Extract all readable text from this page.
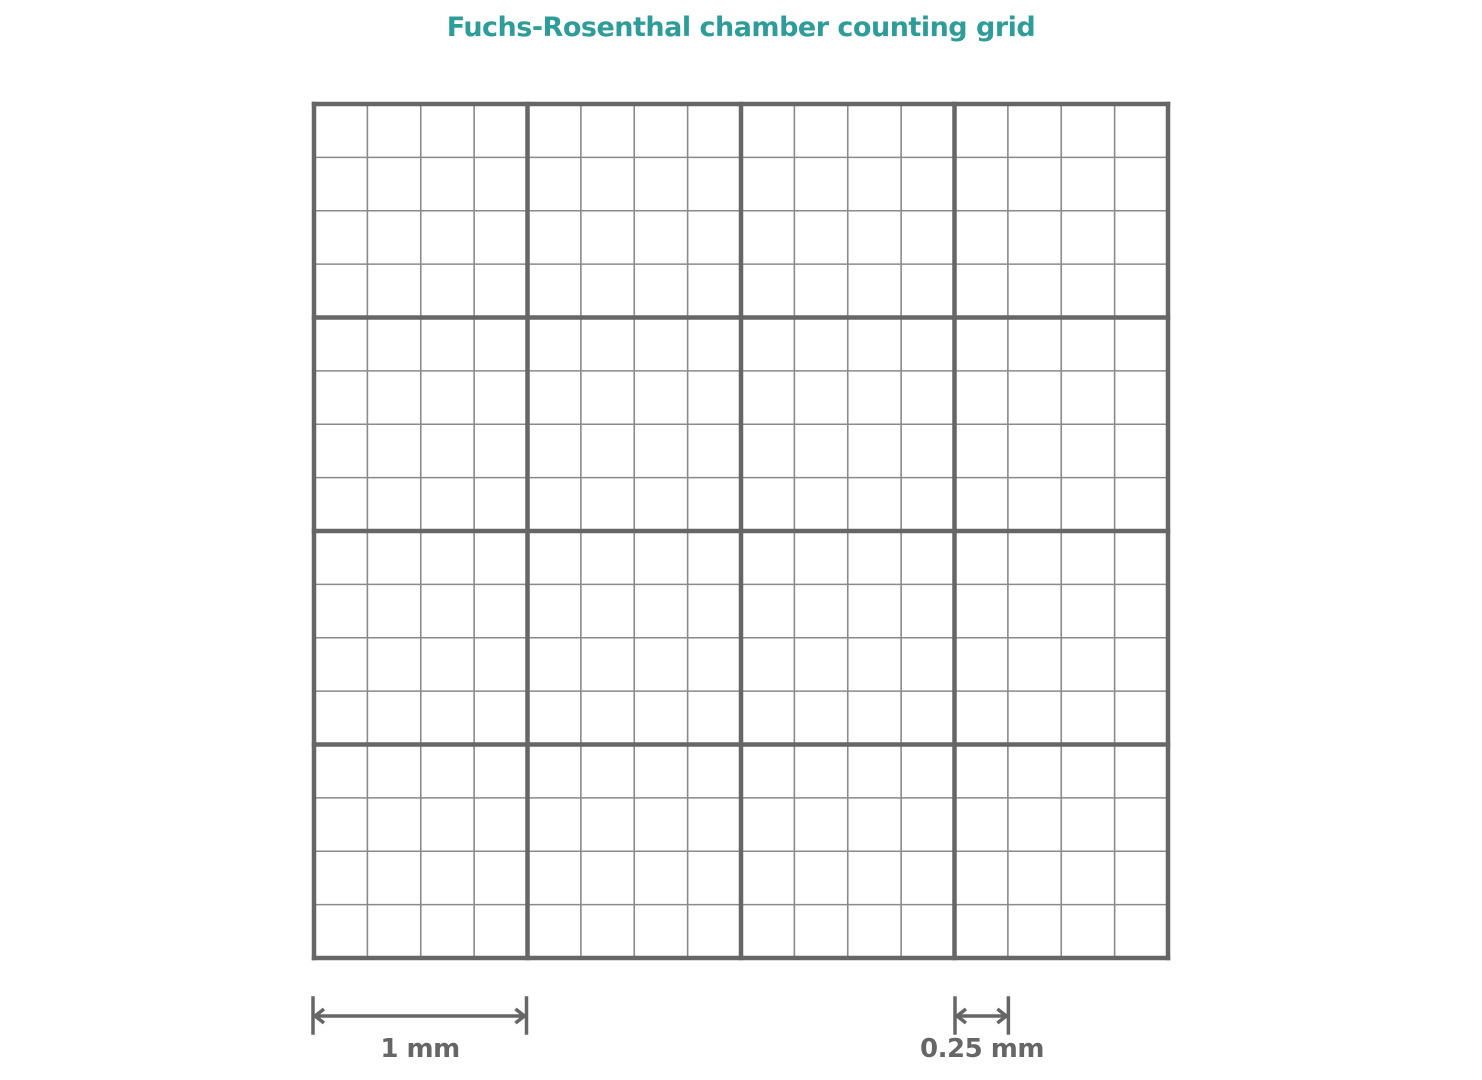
Fuchs-Rosenthal chamber counting grid
1 mm	0.25 mm
